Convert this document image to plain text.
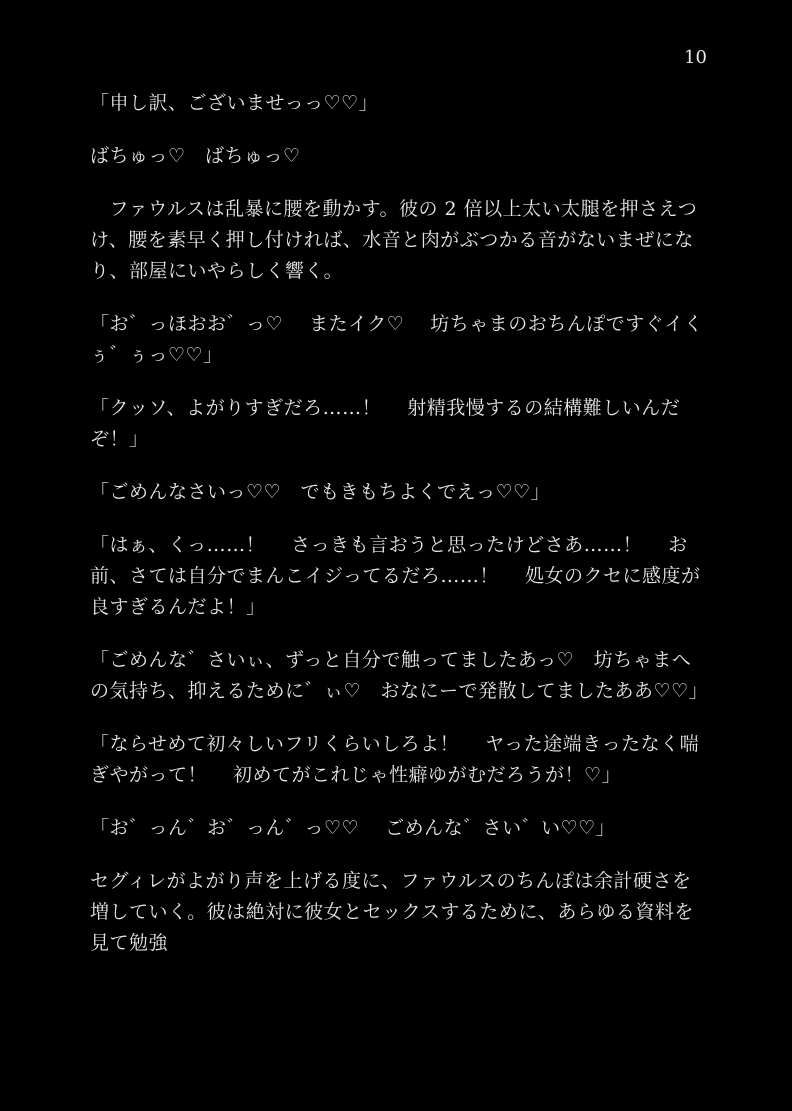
10

「申し訳、ございませっっ♡♡」

ばちゅっ♡　ばちゅっ♡

　ファウルスは乱暴に腰を動かす。彼の 2 倍以上太い太腿を押さえつけ、腰を素早く押し付ければ、水音と肉がぶつかる音がないまぜになり、部屋にいやらしく響く。

「お゛っほおお゛っ♡　 またイク♡　 坊ちゃまのおちんぽですぐイくぅ゛ぅっ♡♡」

「クッソ、よがりすぎだろ……！　 射精我慢するの結構難しいんだぞ！」

「ごめんなさいっ♡♡　でもきもちよくでえっ♡♡」

「はぁ、くっ……！　 さっきも言おうと思ったけどさあ……！　 お前、さては自分でまんこイジってるだろ……！　 処女のクセに感度が良すぎるんだよ！」

「ごめんな゛さいぃ、ずっと自分で触ってましたあっ♡　坊ちゃまへの気持ち、抑えるために゛ぃ♡　おなにーで発散してましたああ♡♡」

「ならせめて初々しいフリくらいしろよ！　 ヤった途端きったなく喘ぎやがって！　 初めてがこれじゃ性癖ゆがむだろうが！♡」

「お゛っん゛お゛っん゛っ♡♡　 ごめんな゛さい゛い♡♡」

セグィレがよがり声を上げる度に、ファウルスのちんぽは余計硬さを増していく。彼は絶対に彼女とセックスするために、あらゆる資料を見て勉強
